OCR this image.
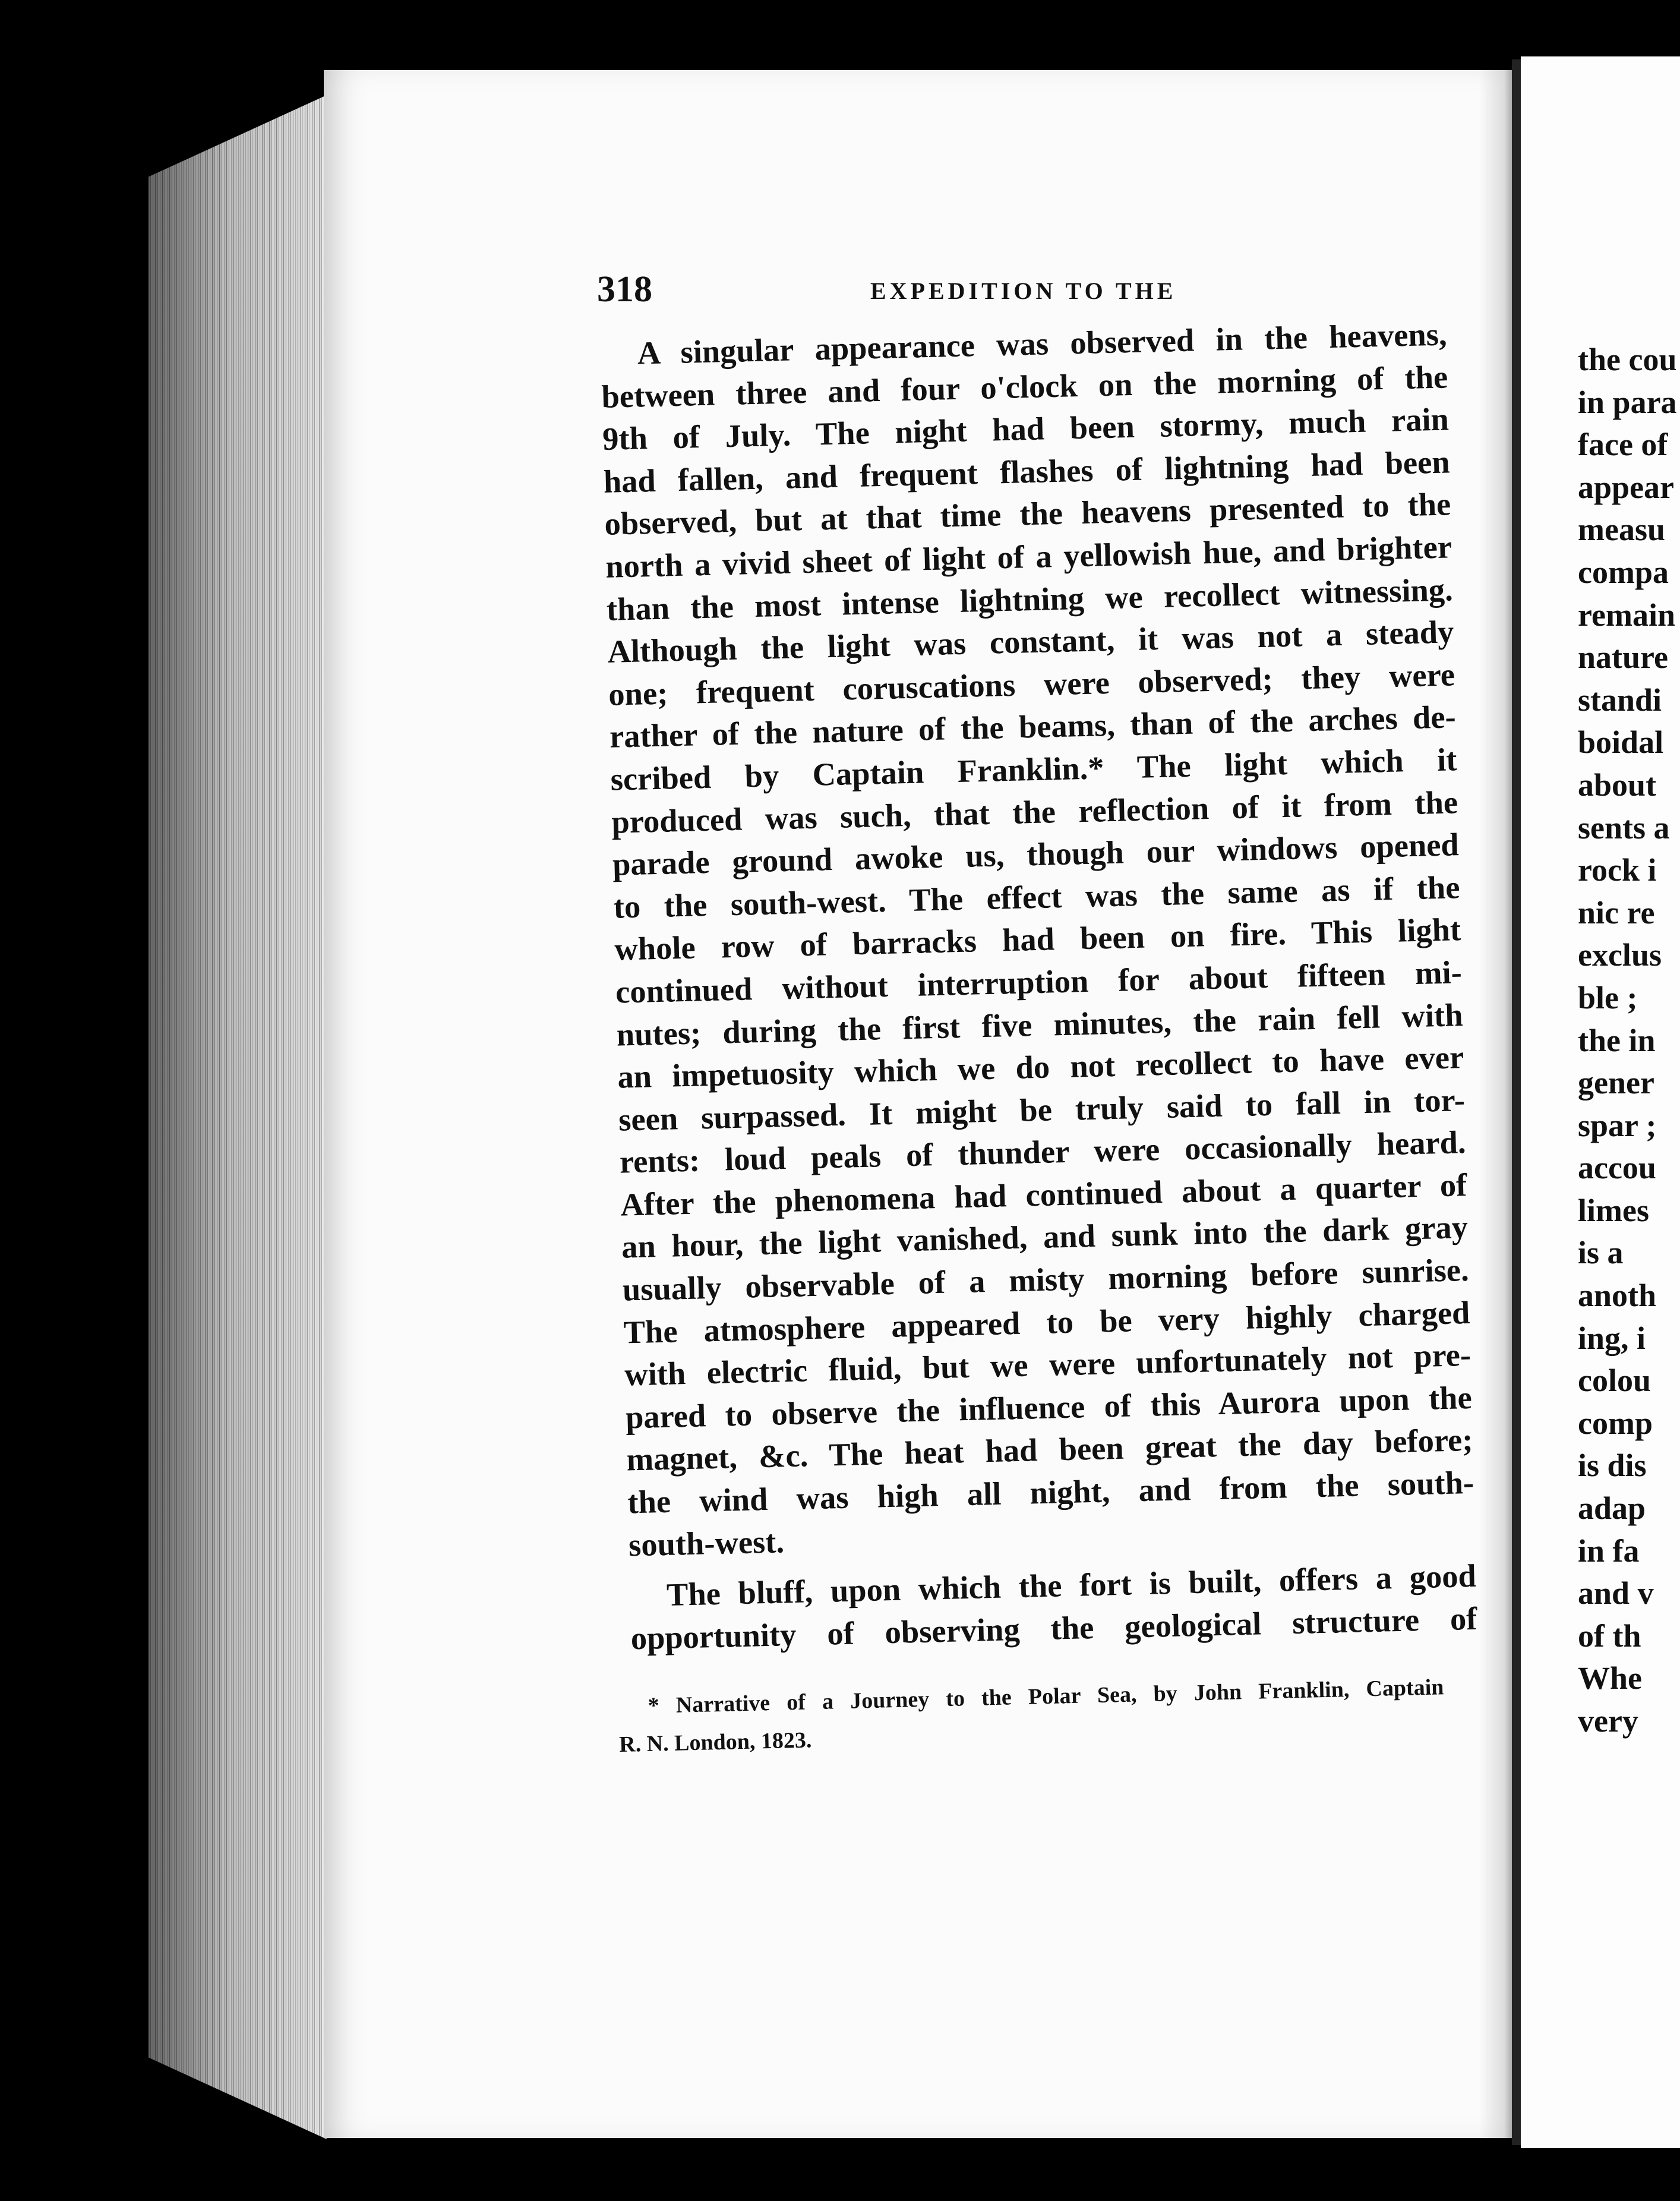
318	EXPEDITION TO THE
A singular appearance was observed in the heavens,
between three and four o'clock on the morning of the
9th of July. The night had been stormy, much rain
had fallen, and frequent flashes of lightning had been
observed, but at that time the heavens presented to the
north a vivid sheet of light of a yellowish hue, and brighter
than the most intense lightning we recollect witnessing.
Although the light was constant, it was not a steady
one; frequent coruscations were observed; they were
rather of the nature of the beams, than of the arches de-
scribed by Captain Franklin.* The light which it
produced was such, that the reflection of it from the
parade ground awoke us, though our windows opened
to the south-west. The effect was the same as if the
whole row of barracks had been on fire. This light
continued without interruption for about fifteen mi-
nutes; during the first five minutes, the rain fell with
an impetuosity which we do not recollect to have ever
seen surpassed. It might be truly said to fall in tor-
rents: loud peals of thunder were occasionally heard.
After the phenomena had continued about a quarter of
an hour, the light vanished, and sunk into the dark gray
usually observable of a misty morning before sunrise.
The atmosphere appeared to be very highly charged
with electric fluid, but we were unfortunately not pre-
pared to observe the influence of this Aurora upon the
magnet, &c. The heat had been great the day before;
the wind was high all night, and from the south-
south-west.
The bluff, upon which the fort is built, offers a good
opportunity of observing the geological structure of
* Narrative of a Journey to the Polar Sea, by John Franklin, Captain
R. N. London, 1823.
the cou
in para
face of
appear
measu
compa
remain
nature
standi
boidal
about
sents a
rock i
nic re
exclus
ble ;
the in
gener
spar ;
accou
limes
is a
anoth
ing, i
colou
comp
is dis
adap
in fa
and v
of th
Whe
very
